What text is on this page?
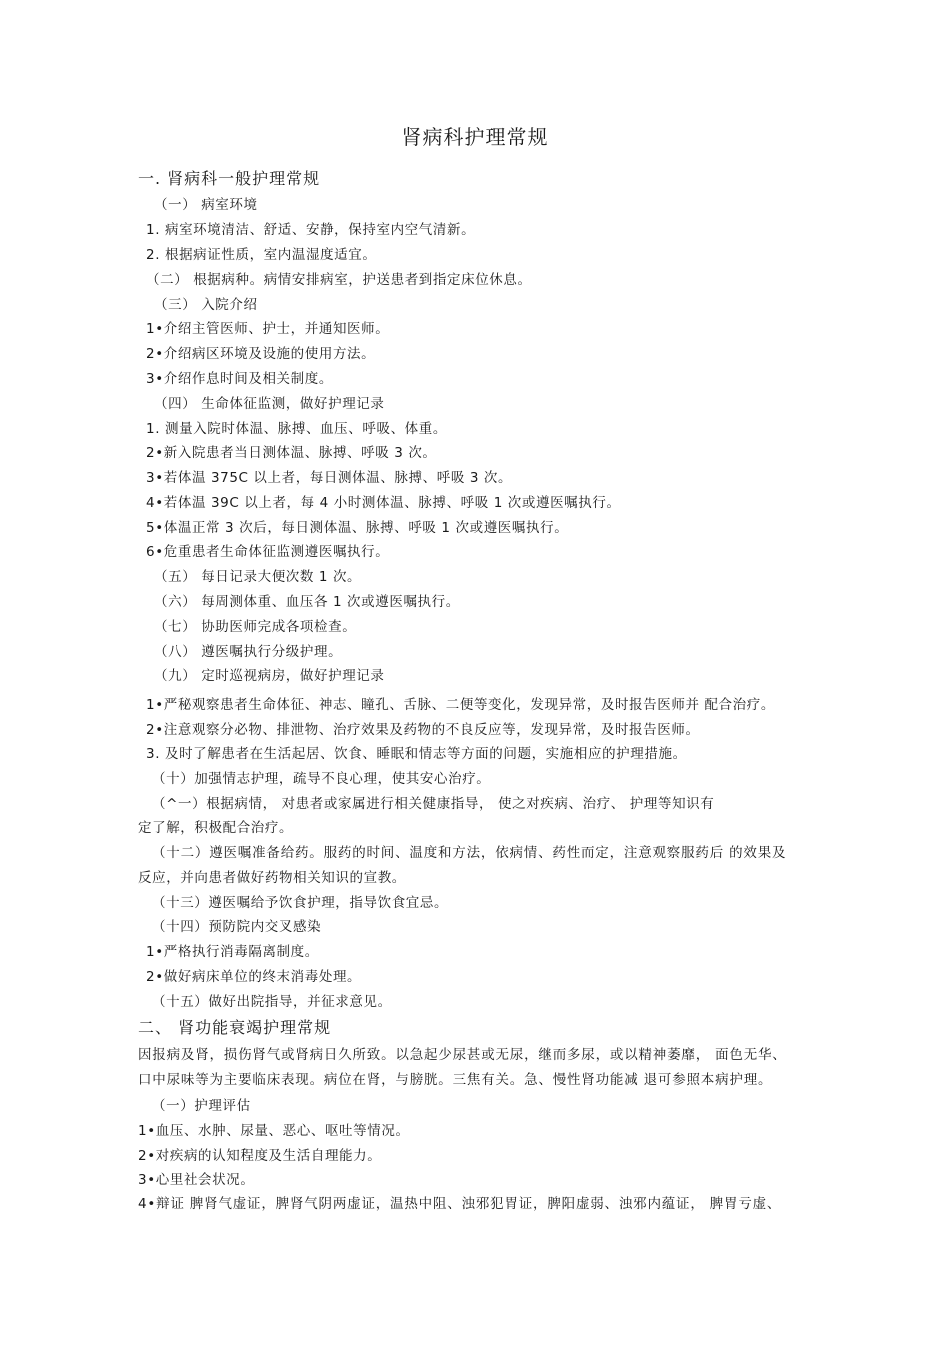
肾病科护理常规
一. 肾病科一般护理常规
（一） 病室环境
1. 病室环境清洁、舒适、安静，保持室内空气清新。
2. 根据病证性质，室内温湿度适宜。
（二） 根据病种。病情安排病室，护送患者到指定床位休息。
（三） 入院介绍
1•介绍主管医师、护士，并通知医师。
2•介绍病区环境及设施的使用方法。
3•介绍作息时间及相关制度。
（四） 生命体征监测，做好护理记录
1. 测量入院时体温、脉搏、血压、呼吸、体重。
2•新入院患者当日测体温、脉搏、呼吸 3 次。
3•若体温 375C 以上者，每日测体温、脉搏、呼吸 3 次。
4•若体温 39C 以上者，每 4 小时测体温、脉搏、呼吸 1 次或遵医嘱执行。
5•体温正常 3 次后，每日测体温、脉搏、呼吸 1 次或遵医嘱执行。
6•危重患者生命体征监测遵医嘱执行。
（五） 每日记录大便次数 1 次。
（六） 每周测体重、血压各 1 次或遵医嘱执行。
（七） 协助医师完成各项检查。
（八） 遵医嘱执行分级护理。
（九） 定时巡视病房，做好护理记录
1•严秘观察患者生命体征、神志、瞳孔、舌脉、二便等变化，发现异常，及时报告医师并 配合治疗。
2•注意观察分必物、排泄物、治疗效果及药物的不良反应等，发现异常，及时报告医师。
3. 及时了解患者在生活起居、饮食、睡眠和情志等方面的问题，实施相应的护理措施。
（十）加强情志护理，疏导不良心理，使其安心治疗。
（^一）根据病情， 对患者或家属进行相关健康指导， 使之对疾病、治疗、 护理等知识有
定了解，积极配合治疗。
（十二）遵医嘱准备给药。服药的时间、温度和方法，依病情、药性而定，注意观察服药后 的效果及
反应，并向患者做好药物相关知识的宣教。
（十三）遵医嘱给予饮食护理，指导饮食宜忌。
（十四）预防院内交叉感染
1•严格执行消毒隔离制度。
2•做好病床单位的终末消毒处理。
（十五）做好出院指导，并征求意见。
二、 肾功能衰竭护理常规
因报病及肾，损伤肾气或肾病日久所致。以急起少尿甚或无尿，继而多尿，或以精神萎靡， 面色无华、
口中尿味等为主要临床表现。病位在肾，与膀胱。三焦有关。急、慢性肾功能减 退可参照本病护理。
（一）护理评估
1•血压、水肿、尿量、恶心、呕吐等情况。
2•对疾病的认知程度及生活自理能力。
3•心里社会状况。
4•辩证 脾肾气虚证，脾肾气阴两虚证，温热中阻、浊邪犯胃证，脾阳虚弱、浊邪内蕴证， 脾胃亏虚、
